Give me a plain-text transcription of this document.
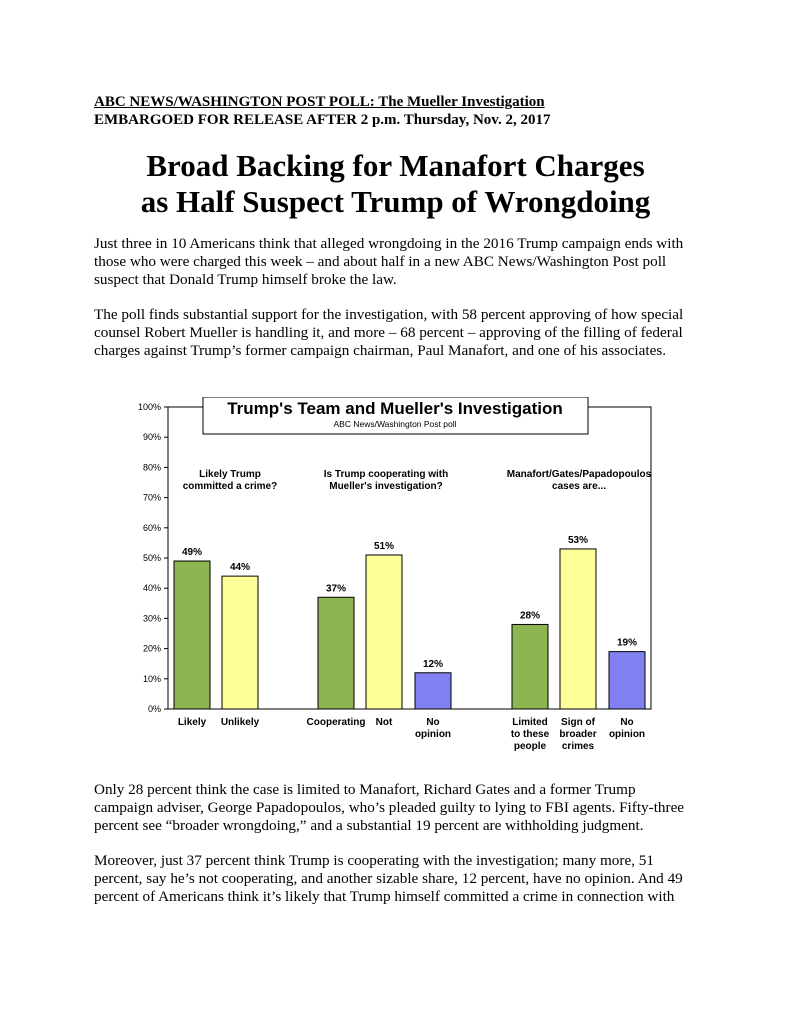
ABC NEWS/WASHINGTON POST POLL: The Mueller Investigation
EMBARGOED FOR RELEASE AFTER 2 p.m. Thursday, Nov. 2, 2017
Broad Backing for Manafort Charges
as Half Suspect Trump of Wrongdoing
Just three in 10 Americans think that alleged wrongdoing in the 2016 Trump campaign ends with
those who were charged this week – and about half in a new ABC News/Washington Post poll
suspect that Donald Trump himself broke the law.
The poll finds substantial support for the investigation, with 58 percent approving of how special
counsel Robert Mueller is handling it, and more – 68 percent – approving of the filling of federal
charges against Trump’s former campaign chairman, Paul Manafort, and one of his associates.
0%
10%
20%
30%
40%
50%
60%
70%
80%
90%
100%	Trump's Team and Mueller's Investigation
ABC News/Washington Post poll
Likely Trump
committed a crime?
49%
Likely
44%
Unlikely
Is Trump cooperating with
Mueller's investigation?
37%
Cooperating
51%
Not
12%
No
opinion
Manafort/Gates/Papadopoulos
cases are...
28%
Limited
to these
people
53%
Sign of
broader
crimes
19%
No
opinion
Only 28 percent think the case is limited to Manafort, Richard Gates and a former Trump
campaign adviser, George Papadopoulos, who’s pleaded guilty to lying to FBI agents. Fifty-three
percent see “broader wrongdoing,” and a substantial 19 percent are withholding judgment.
Moreover, just 37 percent think Trump is cooperating with the investigation; many more, 51
percent, say he’s not cooperating, and another sizable share, 12 percent, have no opinion. And 49
percent of Americans think it’s likely that Trump himself committed a crime in connection with
